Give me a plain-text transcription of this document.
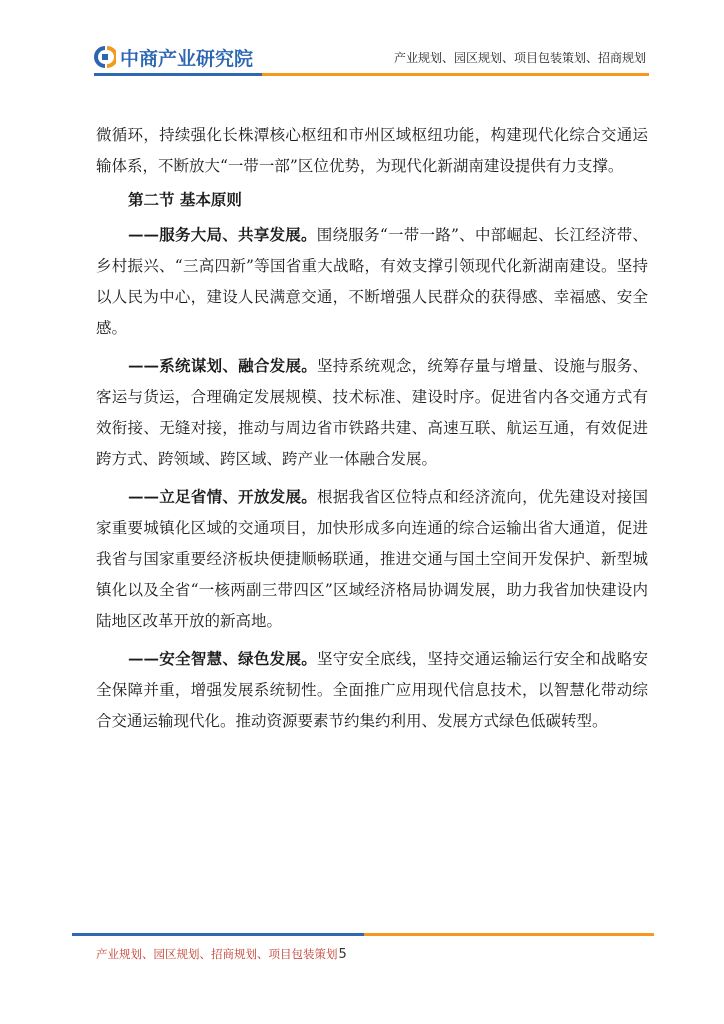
中商产业研究院	产业规划、园区规划、项目包装策划、招商规划

微循环，持续强化长株潭核心枢纽和市州区域枢纽功能，构建现代化综合交通运输体系，不断放大“一带一部”区位优势，为现代化新湖南建设提供有力支撑。

第二节 基本原则

——服务大局、共享发展。围绕服务“一带一路”、中部崛起、长江经济带、乡村振兴、“三高四新”等国省重大战略，有效支撑引领现代化新湖南建设。坚持以人民为中心，建设人民满意交通，不断增强人民群众的获得感、幸福感、安全感。

——系统谋划、融合发展。坚持系统观念，统筹存量与增量、设施与服务、客运与货运，合理确定发展规模、技术标准、建设时序。促进省内各交通方式有效衔接、无缝对接，推动与周边省市铁路共建、高速互联、航运互通，有效促进跨方式、跨领域、跨区域、跨产业一体融合发展。

——立足省情、开放发展。根据我省区位特点和经济流向，优先建设对接国家重要城镇化区域的交通项目，加快形成多向连通的综合运输出省大通道，促进我省与国家重要经济板块便捷顺畅联通，推进交通与国土空间开发保护、新型城镇化以及全省“一核两副三带四区”区域经济格局协调发展，助力我省加快建设内陆地区改革开放的新高地。

——安全智慧、绿色发展。坚守安全底线，坚持交通运输运行安全和战略安全保障并重，增强发展系统韧性。全面推广应用现代信息技术，以智慧化带动综合交通运输现代化。推动资源要素节约集约利用、发展方式绿色低碳转型。

产业规划、园区规划、招商规划、项目包装策划5
